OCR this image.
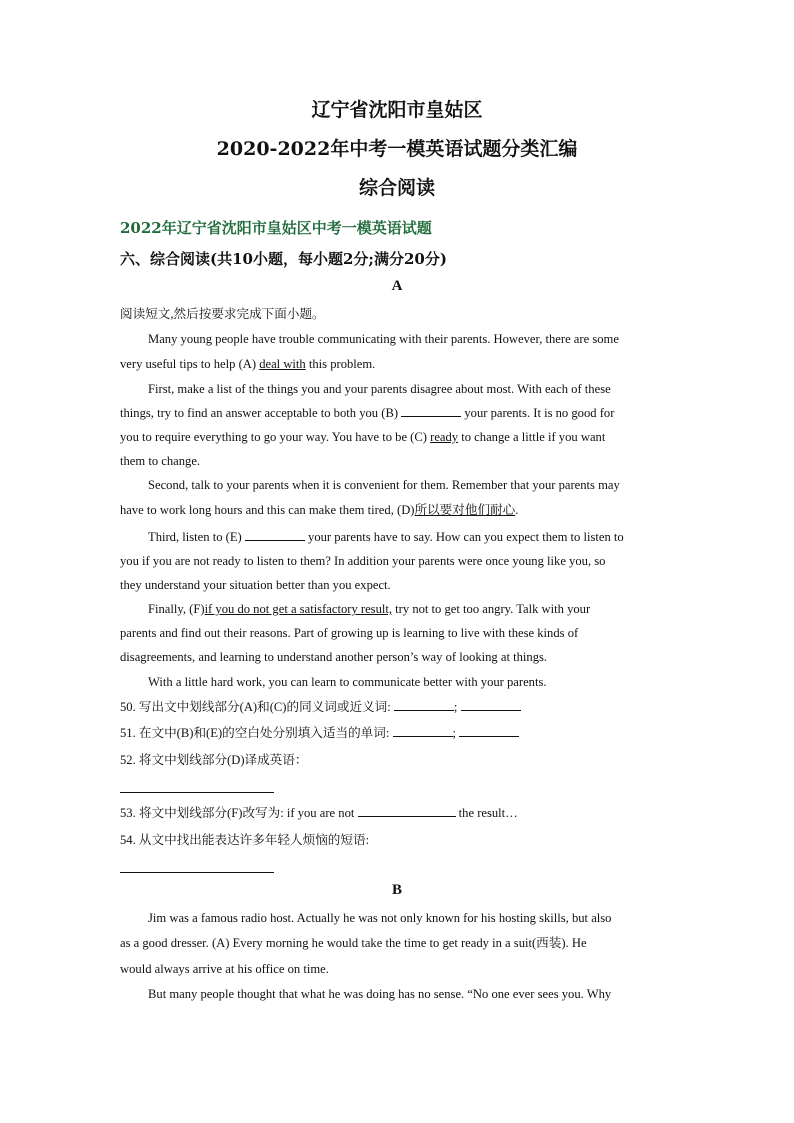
辽宁省沈阳市皇姑区
2020-2022年中考一模英语试题分类汇编
综合阅读
2022年辽宁省沈阳市皇姑区中考一模英语试题
六、综合阅读(共10小题，每小题2分;满分20分)
A
阅读短文,然后按要求完成下面小题。
Many young people have trouble communicating with their parents. However, there are some
very useful tips to help (A) deal with this problem.
First, make a list of the things you and your parents disagree about most. With each of these
things, try to find an answer acceptable to both you (B)	your parents. It is no good for
you to require everything to go your way. You have to be (C) ready to change a little if you want
them to change.
Second, talk to your parents when it is convenient for them. Remember that your parents may
have to work long hours and this can make them tired, (D)所以要对他们耐心.
Third, listen to (E)	your parents have to say. How can you expect them to listen to
you if you are not ready to listen to them? In addition your parents were once young like you, so
they understand your situation better than you expect.
Finally, (F)if you do not get a satisfactory result, try not to get too angry. Talk with your
parents and find out their reasons. Part of growing up is learning to live with these kinds of
disagreements, and learning to understand another person’s way of looking at things.
With a little hard work, you can learn to communicate better with your parents.
50. 写出文中划线部分(A)和(C)的同义词或近义词:	;
51. 在文中(B)和(E)的空白处分别填入适当的单词:	;
52. 将文中划线部分(D)译成英语：
53. 将文中划线部分(F)改写为: if you are not	the result…
54. 从文中找出能表达许多年轻人烦恼的短语:
B
Jim was a famous radio host. Actually he was not only known for his hosting skills, but also
as a good dresser. (A) Every morning he would take the time to get ready in a suit(西装). He
would always arrive at his office on time.
But many people thought that what he was doing has no sense. “No one ever sees you. Why
